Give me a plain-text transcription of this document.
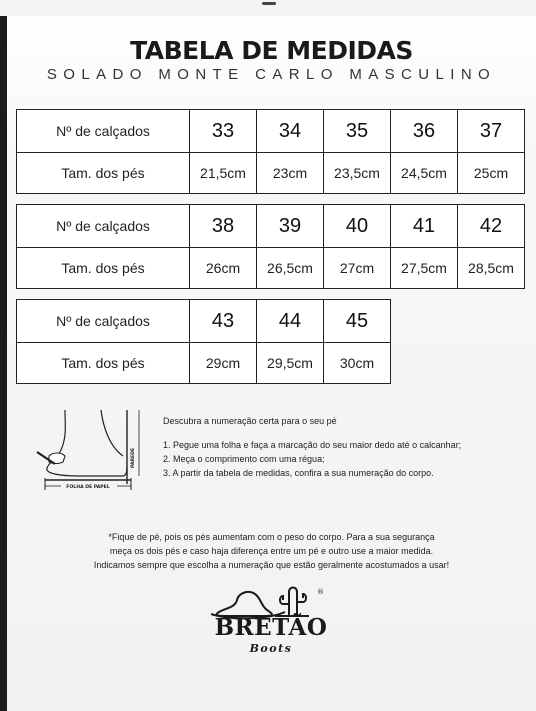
TABELA DE MEDIDAS
SOLADO MONTE CARLO MASCULINO
Nº de calçados	33	34	35	36	37
Tam. dos pés	21,5cm	23cm	23,5cm	24,5cm	25cm
Nº de calçados	38	39	40	41	42
Tam. dos pés	26cm	26,5cm	27cm	27,5cm	28,5cm
Nº de calçados	43	44	45
Tam. dos pés	29cm	29,5cm	30cm
FOLHA DE PAPEL
PAREDE
Descubra a numeração certa para o seu pé
1. Pegue uma folha e faça a marcação do seu maior dedo até o calcanhar;
2. Meça o comprimento com uma régua;
3. A partir da tabela de medidas, confira a sua numeração do corpo.
*Fique de pé, pois os pés aumentam com o peso do corpo. Para a sua segurança
meça os dois pés e caso haja diferença entre um pé e outro use a maior medida.
Indicamos sempre que escolha a numeração que estão geralmente acostumados a usar!
®
BRETÃO
Boots
